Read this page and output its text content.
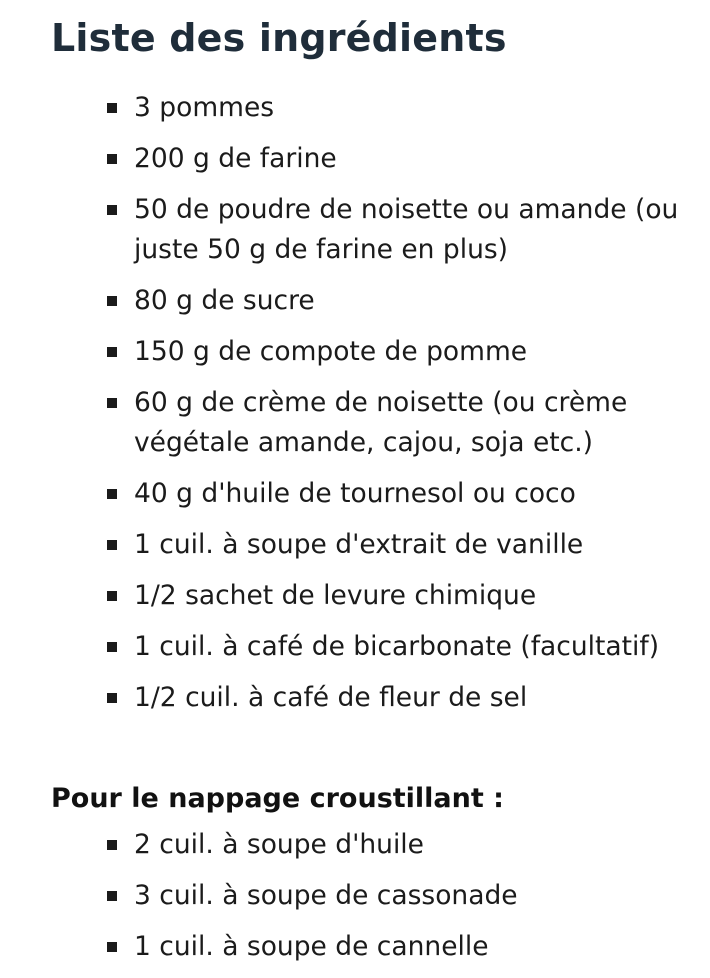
Liste des ingrédients
3 pommes
200 g de farine
50 de poudre de noisette ou amande (ou juste 50 g de farine en plus)
80 g de sucre
150 g de compote de pomme
60 g de crème de noisette (ou crème végétale amande, cajou, soja etc.)
40 g d'huile de tournesol ou coco
1 cuil. à soupe d'extrait de vanille
1/2 sachet de levure chimique
1 cuil. à café de bicarbonate (facultatif)
1/2 cuil. à café de fleur de sel

Pour le nappage croustillant :

2 cuil. à soupe d'huile
3 cuil. à soupe de cassonade
1 cuil. à soupe de cannelle
